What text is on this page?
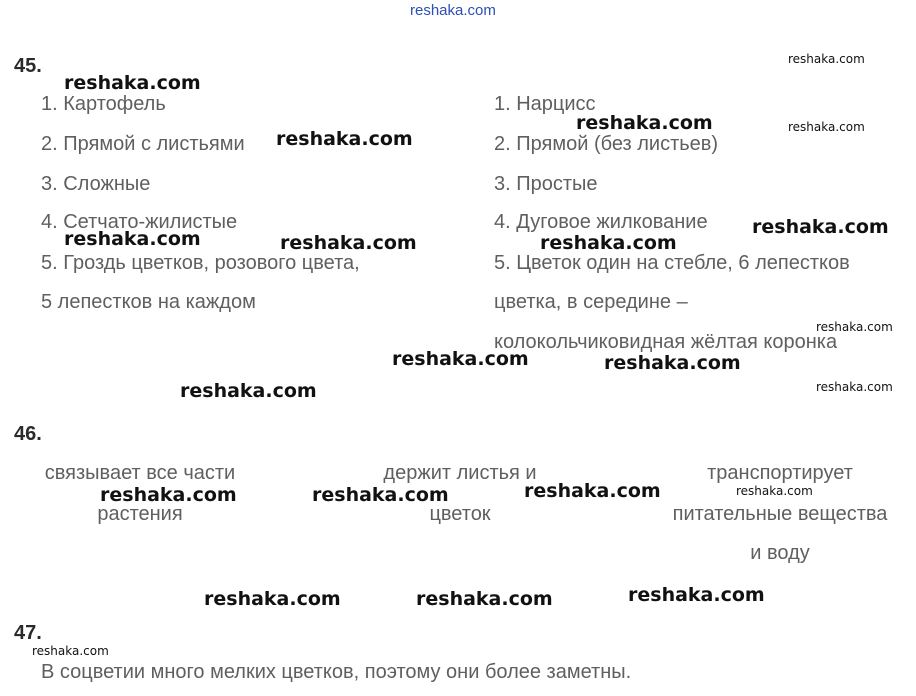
reshaka.com
45.
1. Картофель
2. Прямой с листьями
3. Сложные
4. Сетчато-жилистые
5. Гроздь цветков, розового цвета,
5 лепестков на каждом
1. Нарцисс
2. Прямой (без листьев)
3. Простые
4. Дуговое жилкование
5. Цветок один на стебле, 6 лепестков
цветка, в середине –
колокольчиковидная жёлтая коронка
46.
связывает все части
растения
держит листья и
цветок
транспортирует
питательные вещества
и воду
47.
В соцветии много мелких цветков, поэтому они более заметны.
reshaka.com
reshaka.com
reshaka.com
reshaka.com	reshaka.com	reshaka.com
reshaka.com
reshaka.com	reshaka.com
reshaka.com
reshaka.com	reshaka.com	reshaka.com
reshaka.com	reshaka.com	reshaka.com
reshaka.com
reshaka.com
reshaka.com
reshaka.com
reshaka.com
reshaka.com
